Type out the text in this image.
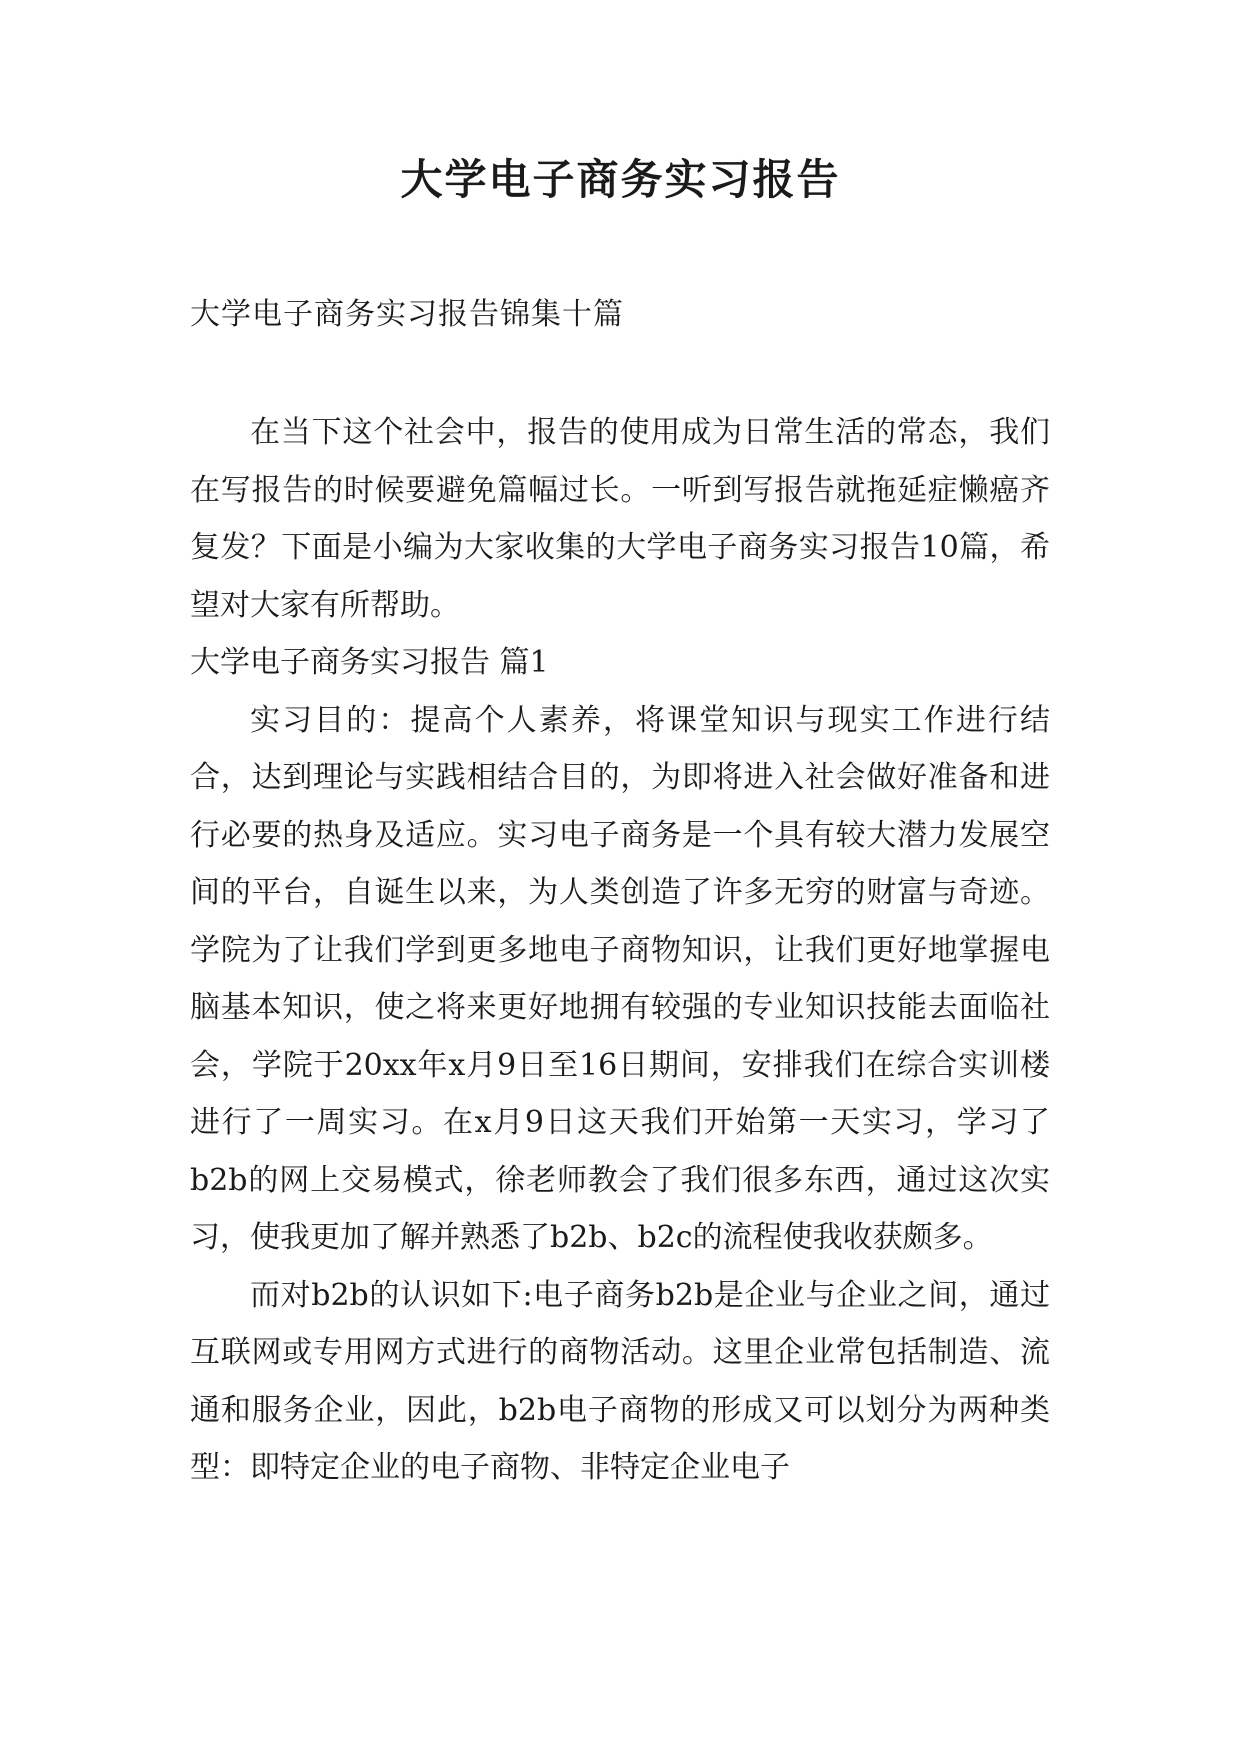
大学电子商务实习报告
大学电子商务实习报告锦集十篇

在当下这个社会中，报告的使用成为日常生活的常态，我们在写报告的时候要避免篇幅过长。一听到写报告就拖延症懒癌齐复发？下面是小编为大家收集的大学电子商务实习报告10篇，希望对大家有所帮助。

大学电子商务实习报告 篇1

实习目的：提高个人素养，将课堂知识与现实工作进行结合，达到理论与实践相结合目的，为即将进入社会做好准备和进行必要的热身及适应。实习电子商务是一个具有较大潜力发展空间的平台，自诞生以来，为人类创造了许多无穷的财富与奇迹。学院为了让我们学到更多地电子商物知识，让我们更好地掌握电脑基本知识，使之将来更好地拥有较强的专业知识技能去面临社会，学院于20xx年x月9日至16日期间，安排我们在综合实训楼进行了一周实习。在x月9日这天我们开始第一天实习，学习了b2b的网上交易模式，徐老师教会了我们很多东西，通过这次实习，使我更加了解并熟悉了b2b、b2c的流程使我收获颇多。

而对b2b的认识如下:电子商务b2b是企业与企业之间，通过互联网或专用网方式进行的商物活动。这里企业常包括制造、流通和服务企业，因此，b2b电子商物的形成又可以划分为两种类型：即特定企业的电子商物、非特定企业电子
